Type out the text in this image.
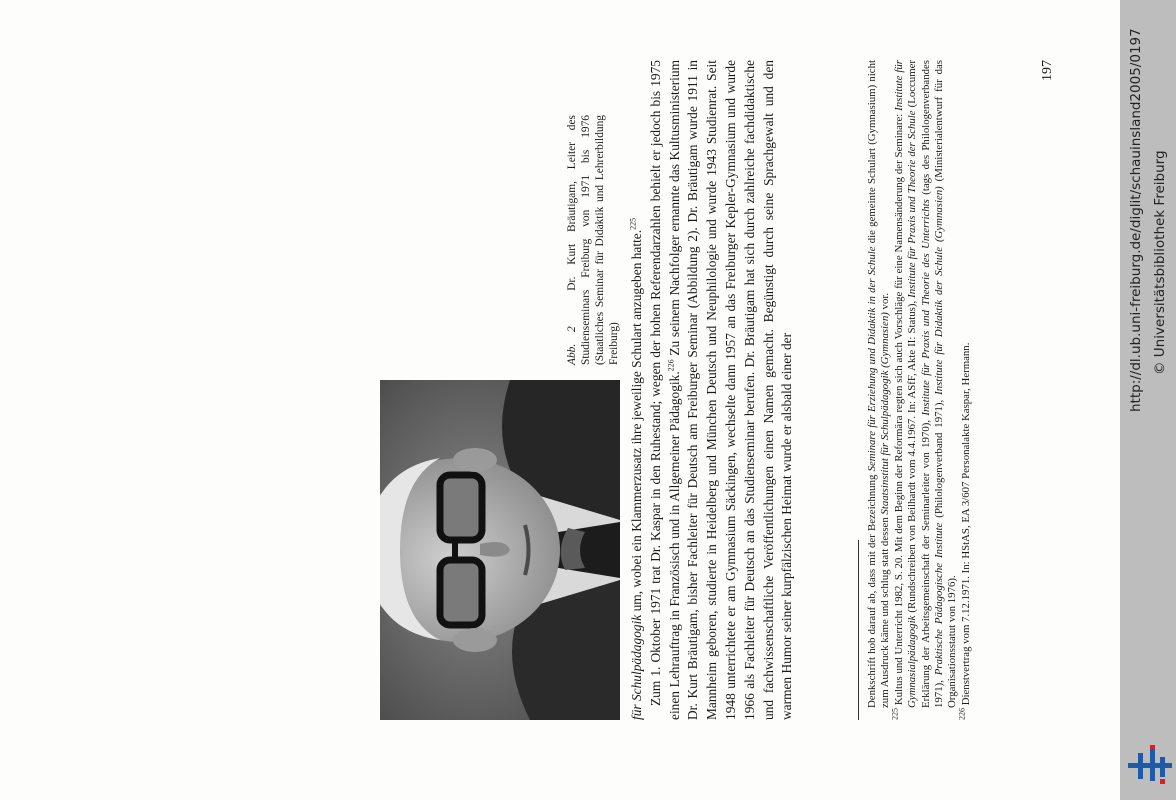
Abb. 2   Dr. Kurt Bräutigam, Leiter des Studienseminars Freiburg von 1971 bis 1976 (Staatliches Seminar für Didaktik und Lehrerbildung Freiburg)

für Schulpädagogik um, wobei ein Klammerzusatz ihre jeweilige Schulart anzugeben hatte.$^{225}$ Zum 1. Oktober 1971 trat Dr. Kaspar in den Ruhestand; wegen der hohen Referendarzahlen behielt er jedoch bis 1975 einen Lehrauftrag in Französisch und in Allgemeiner Pädagogik.$^{226}$ Zu seinem Nachfolger ernannte das Kultusministerium Dr. Kurt Bräutigam, bisher Fachleiter für Deutsch am Freiburger Seminar (Abbildung 2). Dr. Bräutigam wurde 1911 in Mannheim geboren, studierte in Heidelberg und München Deutsch und Neuphilologie und wurde 1943 Studienrat. Seit 1948 unterrichtete er am Gymnasium Säckingen, wechselte dann 1957 an das Freiburger Kepler-Gymnasium und wurde 1966 als Fachleiter für Deutsch an das Studienseminar berufen. Dr. Bräutigam hat sich durch zahlreiche fachdidaktische und fachwissenschaftliche Veröffentlichungen einen Namen gemacht. Begünstigt durch seine Sprachgewalt und den warmen Humor seiner kurpfälzischen Heimat wurde er alsbald einer der	Denkschrift hob darauf ab, dass mit der Bezeichnung Seminare für Erziehung und Didaktik in der Schule die gemeinte Schulart (Gymnasium) nicht zum Ausdruck käme und schlug statt dessen Staatsinstitut für Schulpädagogik (Gymnasien) vor.

$^{225}$ Kultus und Unterricht 1982, S. 20. Mit dem Beginn der Reformära regten sich auch Vorschläge für eine Namensänderung der Seminare: Institute für Gymnasialpädagogik (Rundschreiben von Beilhardt vom 4.4.1967. In: ASfF, Akte II: Status), Institute für Praxis und Theorie der Schule (Loccumer Erklärung der Arbeitsgemeinschaft der Seminarleiter von 1970), Institute für Praxis und Theorie des Unterrichts (tags des Philologenverbandes 1971), Praktische Pädagogische Institute (Philologenverband 1971), Institute für Didaktik der Schule (Gymnasien) (Ministerialentwurf für das Organisationsstatut von 1976).

$^{226}$ Dienstvertrag vom 7.12.1971. In: HStAS, EA 3/607 Personalakte Kaspar, Hermann.

197	http://dl.ub.uni-freiburg.de/diglit/schauinsland2005/0197 © Universitätsbibliothek Freiburg
